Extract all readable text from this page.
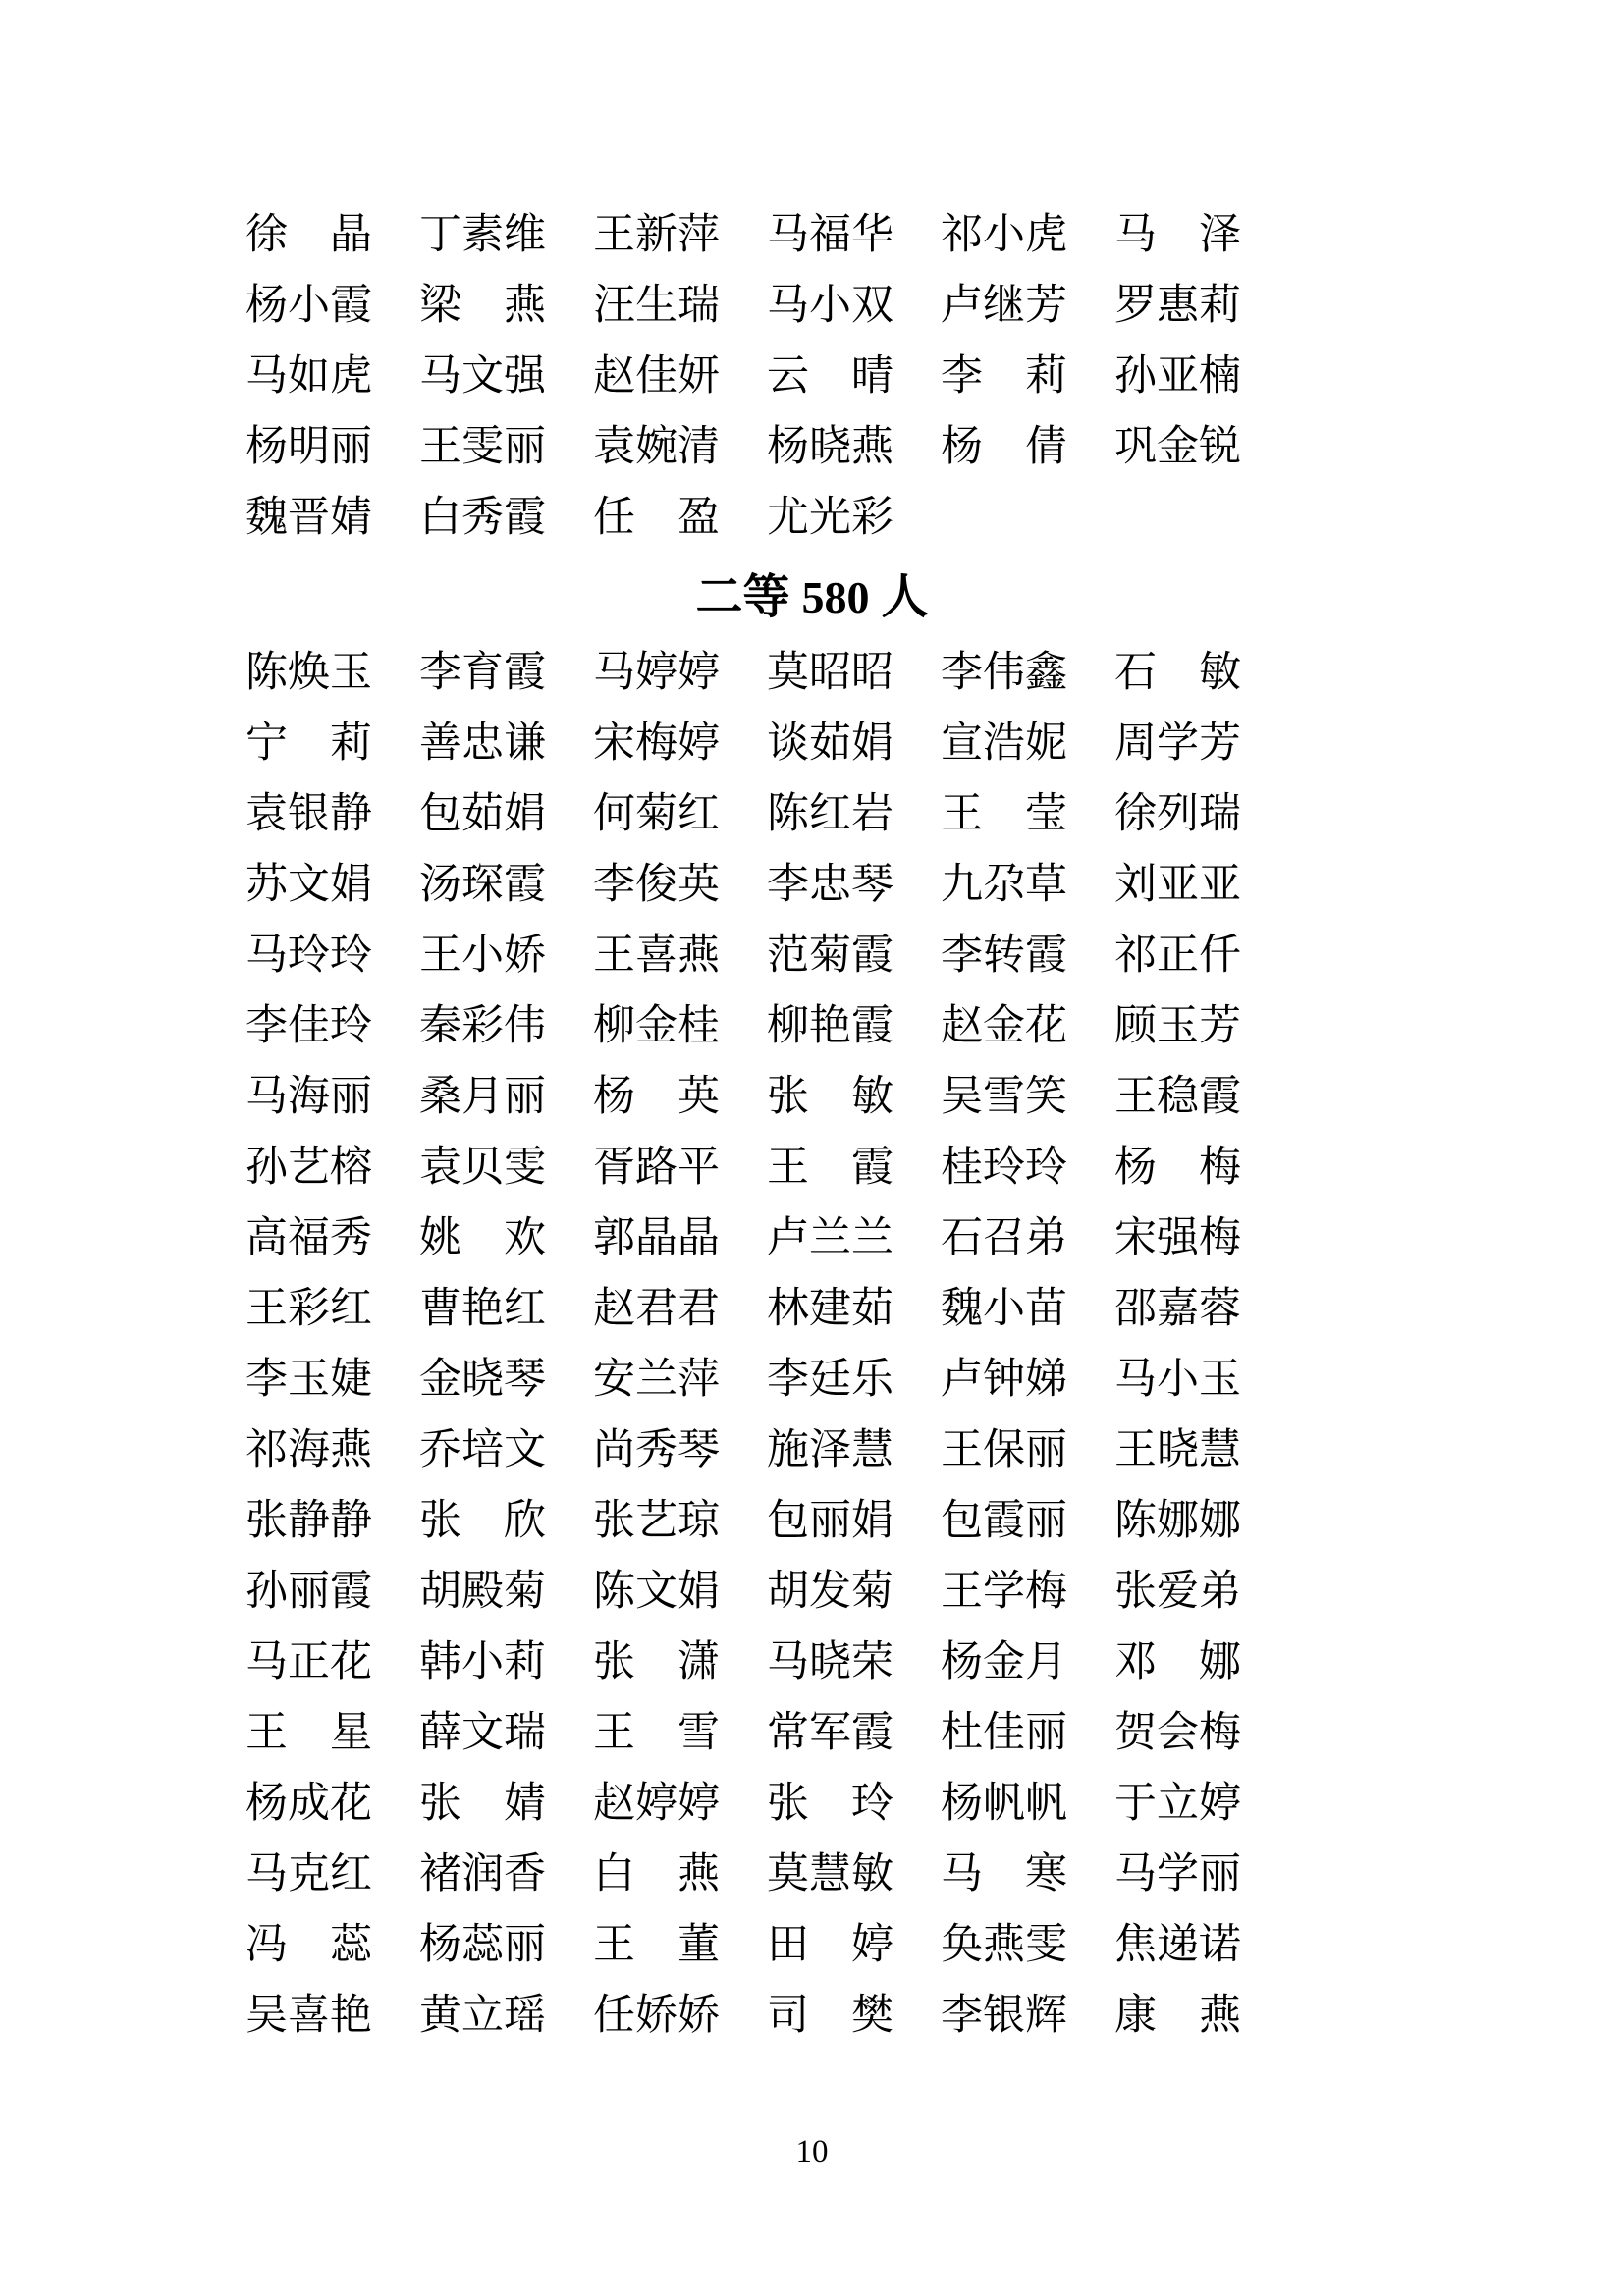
徐　晶	丁素维	王新萍	马福华	祁小虎	马　泽
杨小霞	梁　燕	汪生瑞	马小双	卢继芳	罗惠莉
马如虎	马文强	赵佳妍	云　晴	李　莉	孙亚楠
杨明丽	王雯丽	袁婉清	杨晓燕	杨　倩	巩金锐
魏晋婧	白秀霞	任　盈	尤光彩
二等 580 人
陈焕玉	李育霞	马婷婷	莫昭昭	李伟鑫	石　敏
宁　莉	善忠谦	宋梅婷	谈茹娟	宣浩妮	周学芳
袁银静	包茹娟	何菊红	陈红岩	王　莹	徐列瑞
苏文娟	汤琛霞	李俊英	李忠琴	九尕草	刘亚亚
马玲玲	王小娇	王喜燕	范菊霞	李转霞	祁正仟
李佳玲	秦彩伟	柳金桂	柳艳霞	赵金花	顾玉芳
马海丽	桑月丽	杨　英	张　敏	吴雪笑	王稳霞
孙艺榕	袁贝雯	胥路平	王　霞	桂玲玲	杨　梅
高福秀	姚　欢	郭晶晶	卢兰兰	石召弟	宋强梅
王彩红	曹艳红	赵君君	林建茹	魏小苗	邵嘉蓉
李玉婕	金晓琴	安兰萍	李廷乐	卢钟娣	马小玉
祁海燕	乔培文	尚秀琴	施泽慧	王保丽	王晓慧
张静静	张　欣	张艺琼	包丽娟	包霞丽	陈娜娜
孙丽霞	胡殿菊	陈文娟	胡发菊	王学梅	张爱弟
马正花	韩小莉	张　潇	马晓荣	杨金月	邓　娜
王　星	薛文瑞	王　雪	常军霞	杜佳丽	贺会梅
杨成花	张　婧	赵婷婷	张　玲	杨帆帆	于立婷
马克红	褚润香	白　燕	莫慧敏	马　寒	马学丽
冯　蕊	杨蕊丽	王　董	田　婷	奂燕雯	焦递诺
吴喜艳	黄立瑶	任娇娇	司　樊	李银辉	康　燕
10
